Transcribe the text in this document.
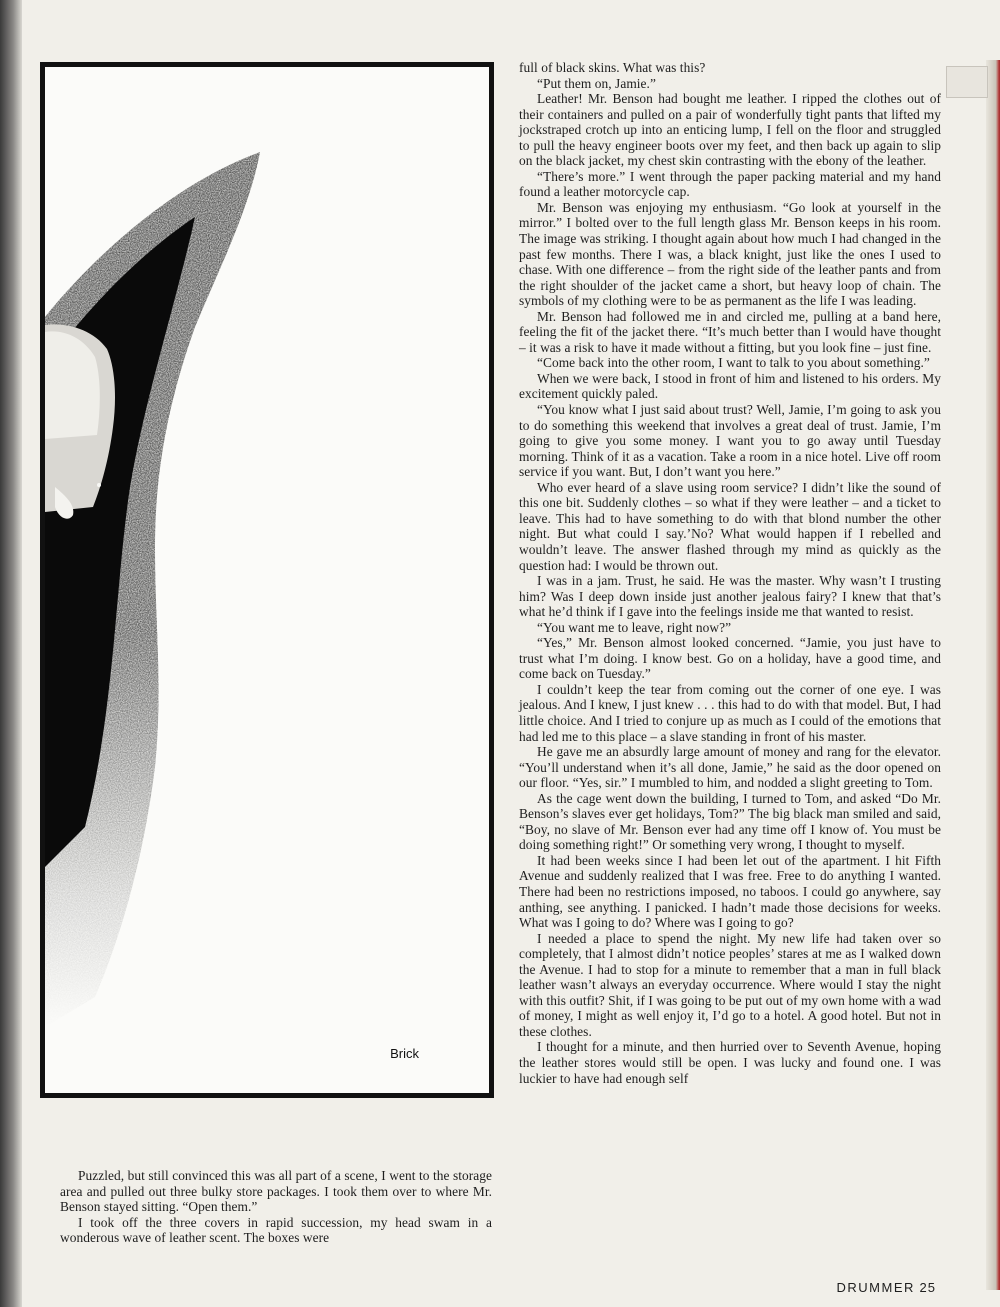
Brick

Puzzled, but still convinced this was all part of a scene, I went to the storage area and pulled out three bulky store packages. I took them over to where Mr. Benson stayed sitting. “Open them.”

I took off the three covers in rapid succession, my head swam in a wonderous wave of leather scent. The boxes were

full of black skins. What was this?

“Put them on, Jamie.”

Leather! Mr. Benson had bought me leather. I ripped the clothes out of their containers and pulled on a pair of wonderfully tight pants that lifted my jockstraped crotch up into an enticing lump, I fell on the floor and struggled to pull the heavy engineer boots over my feet, and then back up again to slip on the black jacket, my chest skin contrasting with the ebony of the leather.

“There’s more.” I went through the paper packing material and my hand found a leather motorcycle cap.

Mr. Benson was enjoying my enthusiasm. “Go look at yourself in the mirror.” I bolted over to the full length glass Mr. Benson keeps in his room. The image was striking. I thought again about how much I had changed in the past few months. There I was, a black knight, just like the ones I used to chase. With one difference – from the right side of the leather pants and from the right shoulder of the jacket came a short, but heavy loop of chain. The symbols of my clothing were to be as permanent as the life I was leading.

Mr. Benson had followed me in and circled me, pulling at a band here, feeling the fit of the jacket there. “It’s much better than I would have thought – it was a risk to have it made without a fitting, but you look fine – just fine.

“Come back into the other room, I want to talk to you about something.”

When we were back, I stood in front of him and listened to his orders. My excitement quickly paled.

“You know what I just said about trust? Well, Jamie, I’m going to ask you to do something this weekend that involves a great deal of trust. Jamie, I’m going to give you some money. I want you to go away until Tuesday morning. Think of it as a vacation. Take a room in a nice hotel. Live off room service if you want. But, I don’t want you here.”

Who ever heard of a slave using room service? I didn’t like the sound of this one bit. Suddenly clothes – so what if they were leather – and a ticket to leave. This had to have something to do with that blond number the other night. But what could I say.’No? What would happen if I rebelled and wouldn’t leave. The answer flashed through my mind as quickly as the question had: I would be thrown out.

I was in a jam. Trust, he said. He was the master. Why wasn’t I trusting him? Was I deep down inside just another jealous fairy? I knew that that’s what he’d think if I gave into the feelings inside me that wanted to resist.

“You want me to leave, right now?”

“Yes,” Mr. Benson almost looked concerned. “Jamie, you just have to trust what I’m doing. I know best. Go on a holiday, have a good time, and come back on Tuesday.”

I couldn’t keep the tear from coming out the corner of one eye. I was jealous. And I knew, I just knew . . . this had to do with that model. But, I had little choice. And I tried to conjure up as much as I could of the emotions that had led me to this place – a slave standing in front of his master.

He gave me an absurdly large amount of money and rang for the elevator. “You’ll understand when it’s all done, Jamie,” he said as the door opened on our floor. “Yes, sir.” I mumbled to him, and nodded a slight greeting to Tom.

As the cage went down the building, I turned to Tom, and asked “Do Mr. Benson’s slaves ever get holidays, Tom?” The big black man smiled and said, “Boy, no slave of Mr. Benson ever had any time off I know of. You must be doing something right!” Or something very wrong, I thought to myself.

It had been weeks since I had been let out of the apartment. I hit Fifth Avenue and suddenly realized that I was free. Free to do anything I wanted. There had been no restrictions imposed, no taboos. I could go anywhere, say anthing, see anything. I panicked. I hadn’t made those decisions for weeks. What was I going to do? Where was I going to go?

I needed a place to spend the night. My new life had taken over so completely, that I almost didn’t notice peoples’ stares at me as I walked down the Avenue. I had to stop for a minute to remember that a man in full black leather wasn’t always an everyday occurrence. Where would I stay the night with this outfit? Shit, if I was going to be put out of my own home with a wad of money, I might as well enjoy it, I’d go to a hotel. A good hotel. But not in these clothes.

I thought for a minute, and then hurried over to Seventh Avenue, hoping the leather stores would still be open. I was lucky and found one. I was luckier to have had enough self

DRUMMER 25
